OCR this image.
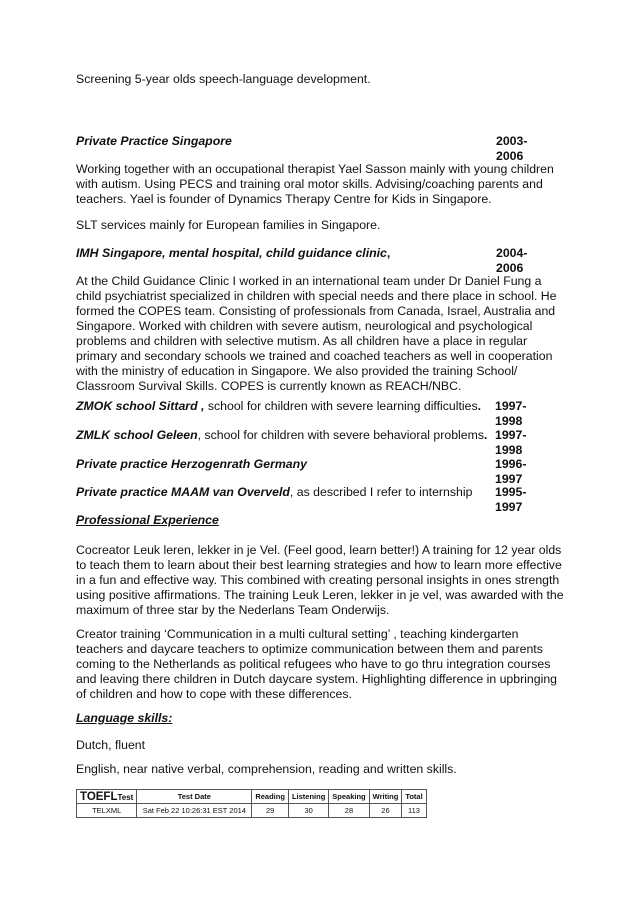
Screening 5-year olds speech-language development.
Private Practice Singapore	2003-2006
Working together with an occupational therapist Yael Sasson mainly with young children with autism. Using PECS and training oral motor skills. Advising/coaching parents and teachers. Yael is founder of Dynamics Therapy Centre for Kids in Singapore.
SLT services mainly for European families in Singapore.
IMH Singapore, mental hospital, child guidance clinic,	2004-2006
At the Child Guidance Clinic I worked in an international team under Dr Daniel Fung a child psychiatrist specialized in children with special needs and there place in school. He formed the COPES team. Consisting of professionals from Canada, Israel, Australia and Singapore. Worked with children with severe autism, neurological and psychological problems and children with selective mutism. As all children have a place in regular primary and secondary schools we trained and coached teachers as well in cooperation with the ministry of education in Singapore. We also provided the training School/ Classroom Survival Skills. COPES is currently known as REACH/NBC.
ZMOK school Sittard , school for children with severe learning difficulties. 1997-1998
ZMLK school Geleen, school for children with severe behavioral problems. 1997-1998
Private practice Herzogenrath Germany	1996-1997
Private practice MAAM van Overveld, as described I refer to internship 1995-1997
Professional Experience
Cocreator Leuk leren, lekker in je Vel. (Feel good, learn better!) A training for 12 year olds to teach them to learn about their best learning strategies and how to learn more effective in a fun and effective way. This combined with creating personal insights in ones strength using positive affirmations. The training Leuk Leren, lekker in je vel, was awarded with the maximum of three star by the Nederlans Team Onderwijs.
Creator training ‘Communication in a multi cultural setting’ , teaching kindergarten teachers and daycare teachers to optimize communication between them and parents coming to the Netherlands as political refugees who have to go thru integration courses and leaving there children in Dutch daycare system. Highlighting difference in upbringing of children and how to cope with these differences.
Language skills:
Dutch, fluent
English, near native verbal, comprehension, reading and written skills.
TOEFLTest	Test Date	Reading	Listening	Speaking	Writing	Total
TELXML	Sat Feb 22 10:26:31 EST 2014	29	30	28	26	113
